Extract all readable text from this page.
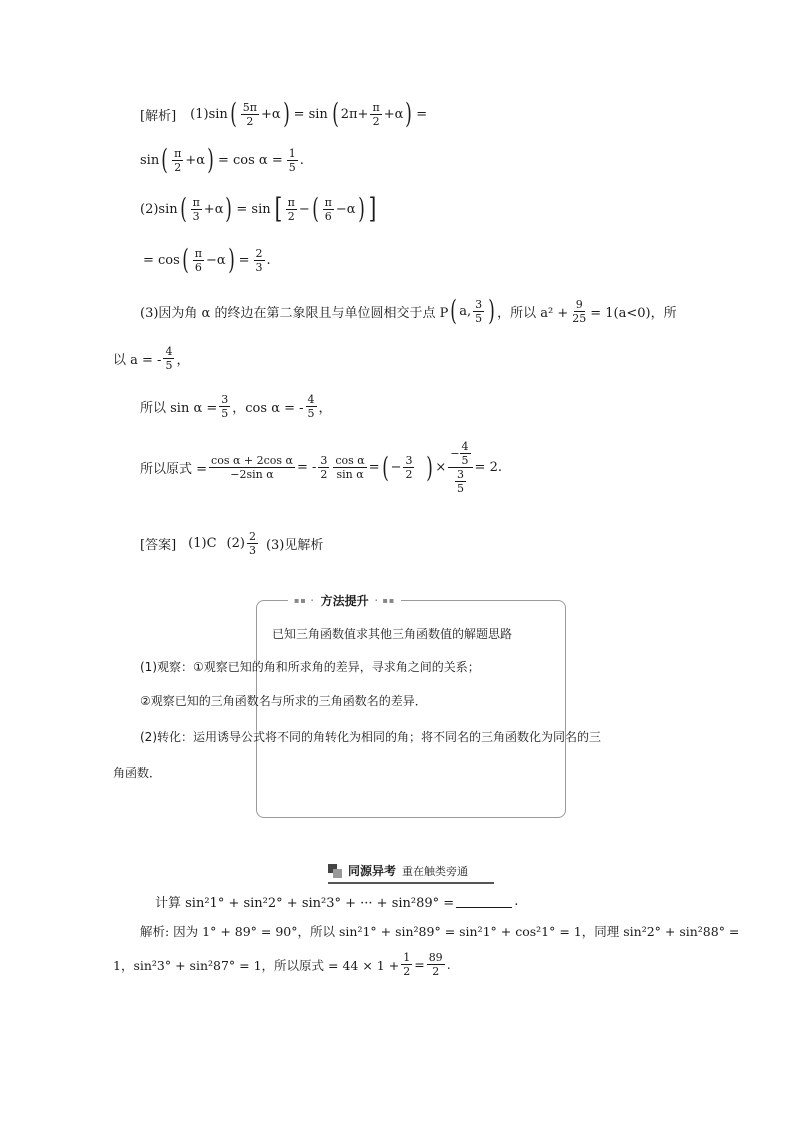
[解析] (1)sin ( $\frac{5\pi}{2} +\alpha$ ) = sin ( $2\pi+ \frac{\pi}{2} +\alpha$ ) =
sin ( $\frac{\pi}{2} +\alpha$ ) = $\cos \alpha = \frac{1}{5}$ .
(2)sin ( $\frac{\pi}{3} +\alpha$ ) = sin [ $\frac{\pi}{2}$ − ( $\frac{\pi}{6} -\alpha$ ) ]
= cos ( $\frac{\pi}{6} -\alpha$ ) = $\frac{2}{3}$ .
(3)因为角 α 的终边在第二象限且与单位圆相交于点 P ( a, $\frac{3}{5}$ ) ，所以 $a^2 + \frac{9}{25} = 1(a<0)$，所
以 a = - $\frac{4}{5}$ ，
所以 $\sin \alpha = \frac{3}{5}$ ，cos α = - $\frac{4}{5}$ ，
所以原式 = $\frac{\text{cos α + 2cos α}}{\text{−2sin α}}$ = - $\frac{3}{2} \frac{\text{cos α}}{\text{sin α}}$ = ( − $\frac{3}{2}$ ) × $\frac{- \frac{4}{5}}{\frac{3}{5}} = 2$.
[答案] (1)C $(2) \frac{2}{3} (3)$见解析
▪▪ · 方法提升 · ▪▪
已知三角函数值求其他三角函数值的解题思路
(1)观察：①观察已知的角和所求角的差异，寻求角之间的关系；
②观察已知的三角函数名与所求的三角函数名的差异．
(2)转化：运用诱导公式将不同的角转化为相同的角；将不同名的三角函数化为同名的三
角函数．
同源异考 重在触类旁通
计算 sin²1° + sin²2° + sin²3° + ··· + sin²89° =	.
解析: 因为 1° + 89° = 90°，所以 sin²1° + sin²89° = sin²1° + cos²1° = 1，同理 sin²2° + sin²88° =
1，sin²3° + sin²87° = 1，所以原式 = $44 \times 1 + \frac{1}{2} = \frac{89}{2}$ .
